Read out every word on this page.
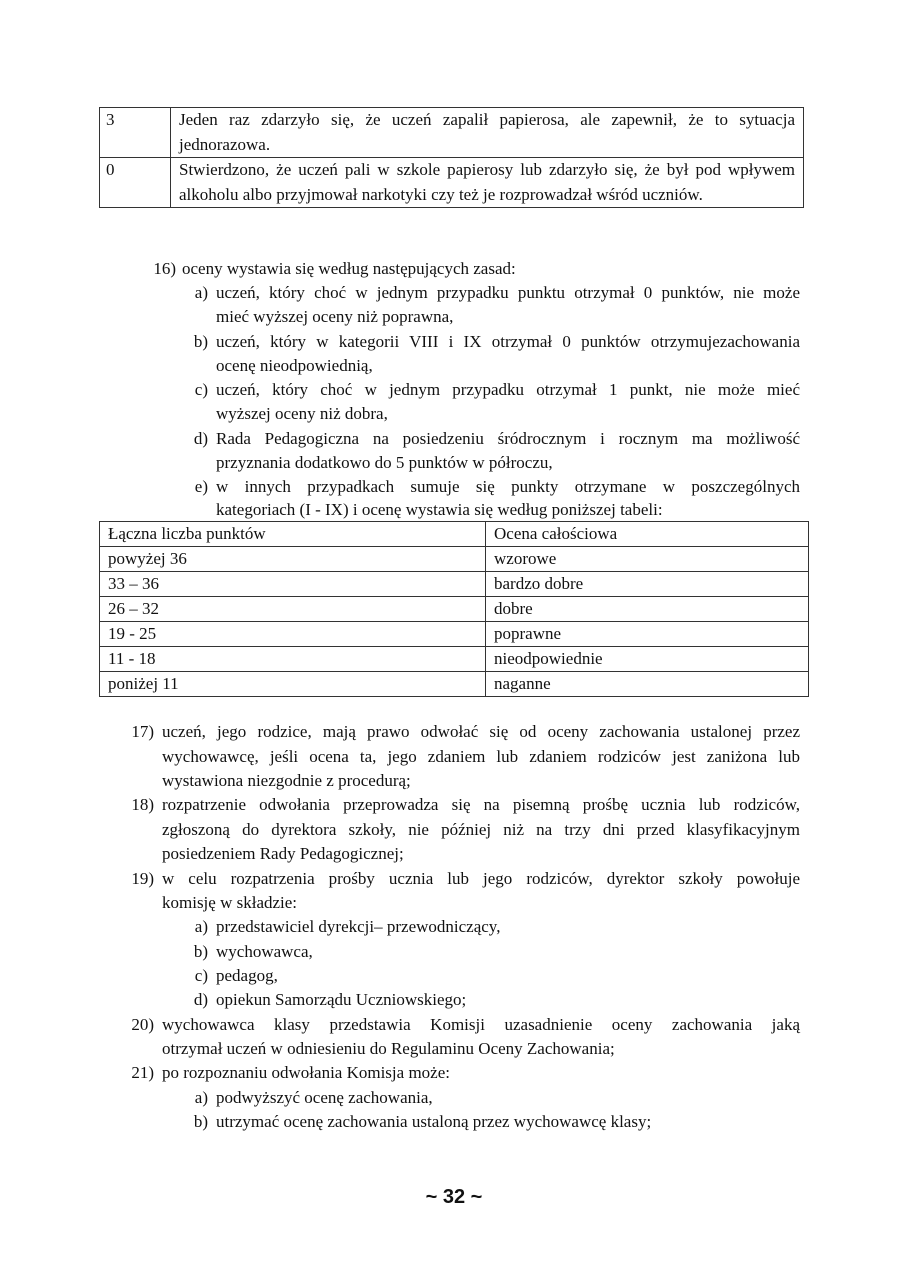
3	Jeden raz zdarzyło się, że uczeń zapalił papierosa, ale zapewnił, że to sytuacja jednorazowa.
0	Stwierdzono, że uczeń pali w szkole papierosy lub zdarzyło się, że był pod wpływem alkoholu albo przyjmował narkotyki czy też je rozprowadzał wśród uczniów.
16) oceny wystawia się według następujących zasad:
a) uczeń, który choć w jednym przypadku punktu otrzymał 0 punktów, nie może
mieć wyższej oceny niż poprawna,
b) uczeń, który w kategorii VIII i IX otrzymał 0 punktów otrzymujezachowania
ocenę nieodpowiednią,
c) uczeń, który choć w jednym przypadku otrzymał 1 punkt, nie może mieć
wyższej oceny niż dobra,
d) Rada Pedagogiczna na posiedzeniu śródrocznym i rocznym ma możliwość
przyznania dodatkowo do 5 punktów w półroczu,
e) w innych przypadkach sumuje się punkty otrzymane w poszczególnych
kategoriach (I - IX) i ocenę wystawia się według poniższej tabeli:
Łączna liczba punktów	Ocena całościowa
powyżej 36	wzorowe
33 – 36	bardzo dobre
26 – 32	dobre
19 - 25	poprawne
11 - 18	nieodpowiednie
poniżej 11	naganne
17) uczeń, jego rodzice, mają prawo odwołać się od oceny zachowania ustalonej przez
wychowawcę, jeśli ocena ta, jego zdaniem lub zdaniem rodziców jest zaniżona lub
wystawiona niezgodnie z procedurą;
18) rozpatrzenie odwołania przeprowadza się na pisemną prośbę ucznia lub rodziców,
zgłoszoną do dyrektora szkoły, nie później niż na trzy dni przed klasyfikacyjnym
posiedzeniem Rady Pedagogicznej;
19) w celu rozpatrzenia prośby ucznia lub jego rodziców, dyrektor szkoły powołuje
komisję w składzie:
a) przedstawiciel dyrekcji– przewodniczący,
b) wychowawca,
c) pedagog,
d) opiekun Samorządu Uczniowskiego;
20) wychowawca klasy przedstawia Komisji uzasadnienie oceny zachowania jaką
otrzymał uczeń w odniesieniu do Regulaminu Oceny Zachowania;
21) po rozpoznaniu odwołania Komisja może:
a) podwyższyć ocenę zachowania,
b) utrzymać ocenę zachowania ustaloną przez wychowawcę klasy;
~ 32 ~
